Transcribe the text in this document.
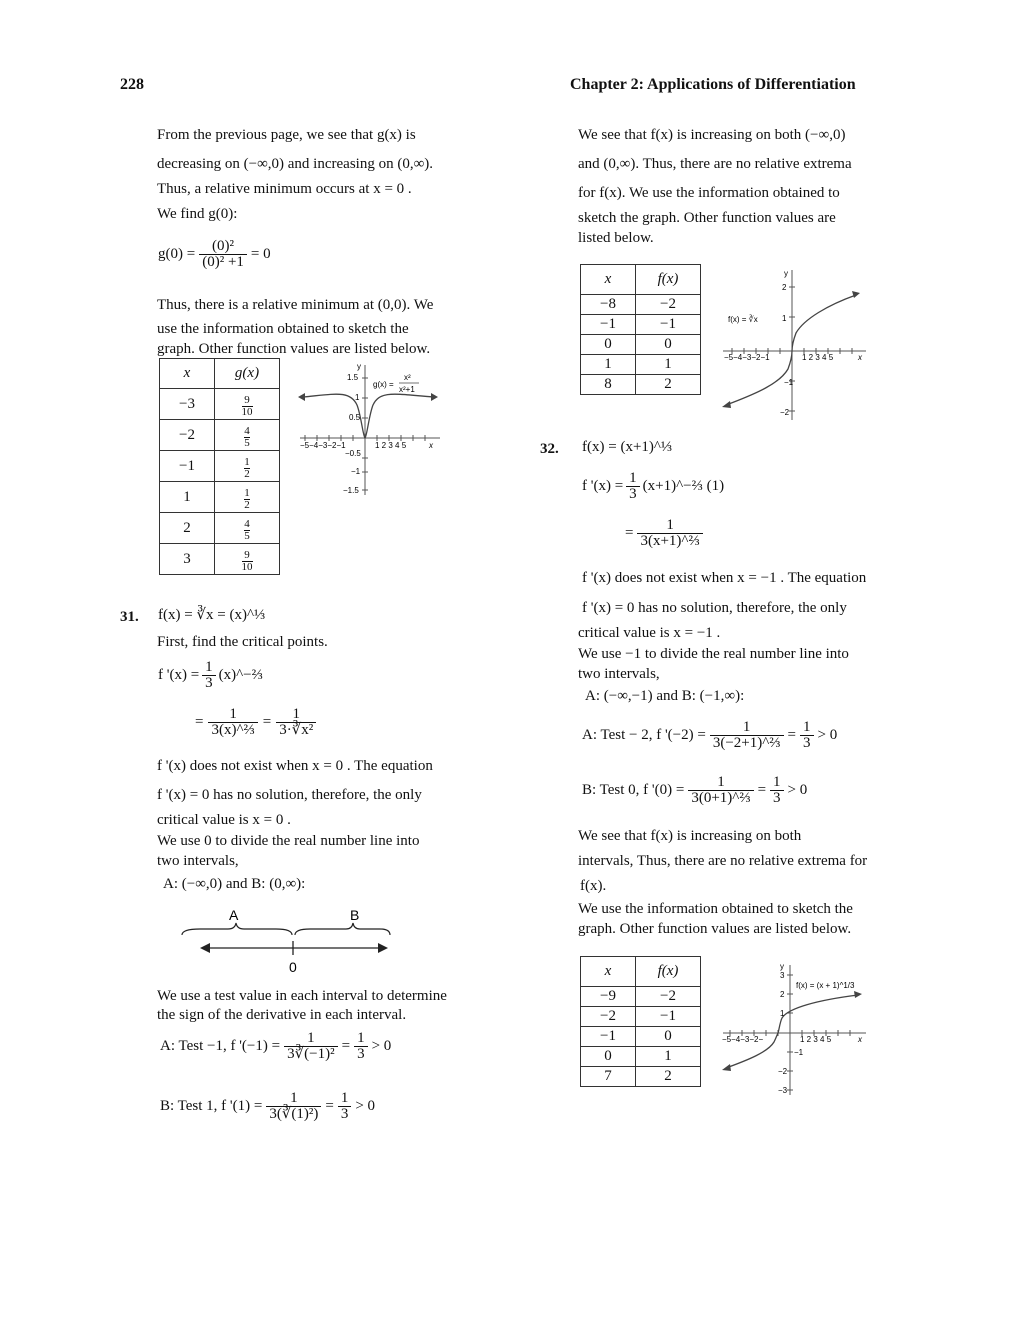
228	Chapter 2: Applications of Differentiation
From the previous page, we see that g(x) is
decreasing on (−∞,0) and increasing on (0,∞).
Thus, a relative minimum occurs at x = 0 .
We find g(0):
$g(0) = \frac{\text{(0)²}}{\text{(0)² +1}} = 0$
Thus, there is a relative minimum at (0,0). We
use the information obtained to sketch the
graph. Other function values are listed below.
x	g(x)
−3	$\frac{9}{10}$

−2	$\frac{4}{5}$

−1	$\frac{1}{2}$

1	$\frac{1}{2}$

2	$\frac{4}{5}$

3	$\frac{9}{10}$
y
1.5
1
0.5
−0.5
−1
−1.5
−5−4−3−2−1	1 2 3 4 5	x
g(x) =
x²
x²+1
31. f(x) = ∛x = (x)^⅓
First, find the critical points.
f '$(x) = \frac{1}{3}$ (x)^−⅔
= $\frac{1}{\text{3(x)\textasciicircum{}⅔}} = \frac{1}{\text{3·∛x²}}$
f '(x) does not exist when x = 0 . The equation
f '(x) = 0 has no solution, therefore, the only
critical value is x = 0 .
We use 0 to divide the real number line into
two intervals,
A: (−∞,0) and B: (0,∞):
A	B
0
We use a test value in each interval to determine
the sign of the derivative in each interval.
A: Test −1, f '$(-1) = \frac{1}{\text{3∛(−1)²}} = \frac{1}{3} > 0$
B: Test 1, f '$(1) = \frac{1}{\text{3(∛(1)²)}} = \frac{1}{3} > 0$
We see that f(x) is increasing on both (−∞,0)
and (0,∞). Thus, there are no relative extrema
for f(x). We use the information obtained to
sketch the graph. Other function values are
listed below.
x	f(x)
−8	−2
−1	−1
0	0
1	1
8	2
y
2
1
−1
−2
−5−4−3−2−1	1 2 3 4 5	x
f(x) = ∛x
32. f(x) = (x+1)^⅓
f '$(x) = \frac{1}{3}$ (x+1)^−⅔ (1)
= $\frac{1}{\text{3(x+1)\textasciicircum{}⅔}}$
f '(x) does not exist when x = −1 . The equation
f '(x) = 0 has no solution, therefore, the only
critical value is x = −1 .
We use −1 to divide the real number line into
two intervals,
A: (−∞,−1) and B: (−1,∞):
A: Test − 2, f '$(-2) = \frac{1}{\text{3(−2+1)\textasciicircum{}⅔}} = \frac{1}{3} > 0$
B: Test 0, f '$(0) = \frac{1}{\text{3(0+1)\textasciicircum{}⅔}} = \frac{1}{3} > 0$
We see that f(x) is increasing on both
intervals, Thus, there are no relative extrema for
f(x).
We use the information obtained to sketch the
graph. Other function values are listed below.
x	f(x)
−9	−2
−2	−1
−1	0
0	1
7	2
y
3
2
1
−1
−2
−3
−5−4−3−2−	1 2 3 4 5	x
f(x) = (x + 1)^1/3
